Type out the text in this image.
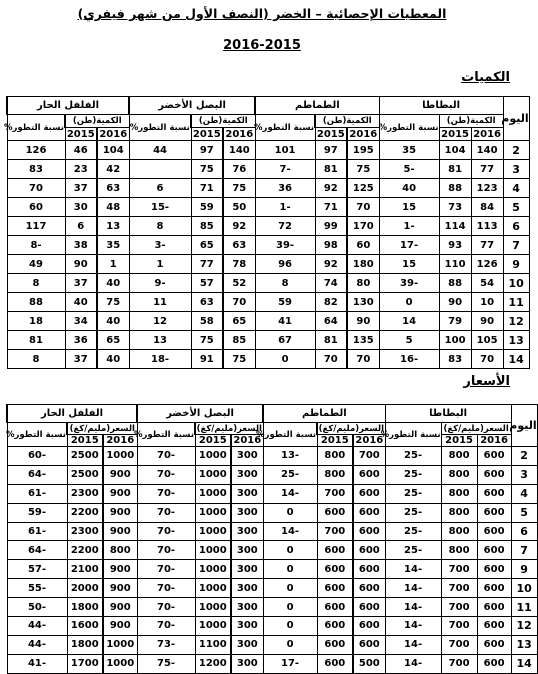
المعطيات الإحصائية – الخضر (النصف الأول من شهر فيفري)
2016-2015
الكميات
الفلفل الحار			البصل الأخضر			الطماطم			البطاطا			اليوم
نسبة التطور%	الكمية(طن)		نسبة التطور%	الكمية(طن)		نسبة التطور%	الكمية(طن)		نسبة التطور%	الكمية(طن)		
	2015	2016		2015	2016		2015	2016		2015	2016	
126	46	104	44	97	140	101	97	195	35	104	140	2
83	23	42		75	76	7-	81	75	5-	81	77	3
70	37	63	6	71	75	36	92	125	40	88	123	4
60	30	48	15-	59	50	1-	71	70	15	73	84	5
117	6	13	8	85	92	72	99	170	1-	114	113	6
8-	38	35	3-	65	63	39-	98	60	17-	93	77	7
49	90	1	1	77	78	96	92	180	15	110	126	9
8	37	40	9-	57	52	8	74	80	39-	88	54	10
88	40	75	11	63	70	59	82	130	0	90	10	11
18	34	40	12	58	65	41	64	90	14	79	90	12
81	36	65	13	75	85	67	81	135	5	100	105	13
8	37	40	18-	91	75	0	70	70	16-	83	70	14
الأسعار
الفلفل الحار			البصل الأخضر			الطماطم			البطاطا			اليوم
نسبة التطور%	السعر(مليم/كغ)		نسبة التطور%	السعر(مليم/كغ)		نسبة التطور%	السعر(مليم/كغ)		نسبة التطور%	السعر(مليم/كغ)		
	2015	2016		2015	2016		2015	2016		2015	2016	
60-	2500	1000	70-	1000	300	13-	800	700	25-	800	600	2
64-	2500	900	70-	1000	300	25-	800	600	25-	800	600	3
61-	2300	900	70-	1000	300	14-	700	600	25-	800	600	4
59-	2200	900	70-	1000	300	0	600	600	25-	800	600	5
61-	2300	900	70-	1000	300	14-	700	600	25-	800	600	6
64-	2200	800	70-	1000	300	0	600	600	25-	800	600	7
57-	2100	900	70-	1000	300	0	600	600	14-	700	600	9
55-	2000	900	70-	1000	300	0	600	600	14-	700	600	10
50-	1800	900	70-	1000	300	0	600	600	14-	700	600	11
44-	1600	900	70-	1000	300	0	600	600	14-	700	600	12
44-	1800	1000	73-	1100	300	0	600	600	14-	700	600	13
41-	1700	1000	75-	1200	300	17-	600	500	14-	700	600	14
